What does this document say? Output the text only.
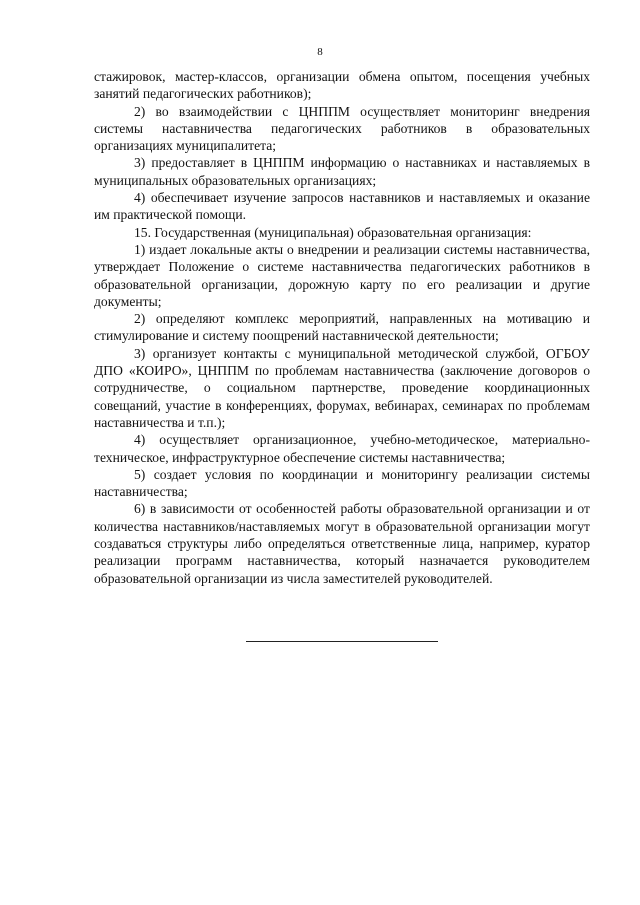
8

стажировок, мастер-классов, организации обмена опытом, посещения учебных занятий педагогических работников);

2) во взаимодействии с ЦНППМ осуществляет мониторинг внедрения системы наставничества педагогических работников в образовательных организациях муниципалитета;

3) предоставляет в ЦНППМ информацию о наставниках и наставляемых в муниципальных образовательных организациях;

4) обеспечивает изучение запросов наставников и наставляемых и оказание им практической помощи.

15. Государственная (муниципальная) образовательная организация:

1) издает локальные акты о внедрении и реализации системы наставничества, утверждает Положение о системе наставничества педагогических работников в образовательной организации, дорожную карту по его реализации и другие документы;

2) определяют комплекс мероприятий, направленных на мотивацию и стимулирование и систему поощрений наставнической деятельности;

3) организует контакты с муниципальной методической службой, ОГБОУ ДПО «КОИРО», ЦНППМ по проблемам наставничества (заключение договоров о сотрудничестве, о социальном партнерстве, проведение координационных совещаний, участие в конференциях, форумах, вебинарах, семинарах по проблемам наставничества и т.п.);

4) осуществляет организационное, учебно-методическое, материально-техническое, инфраструктурное обеспечение системы наставничества;

5) создает условия по координации и мониторингу реализации системы наставничества;

6) в зависимости от особенностей работы образовательной организации и от количества наставников/наставляемых могут в образовательной организации могут создаваться структуры либо определяться ответственные лица, например, куратор реализации программ наставничества, который назначается руководителем образовательной организации из числа заместителей руководителей.
